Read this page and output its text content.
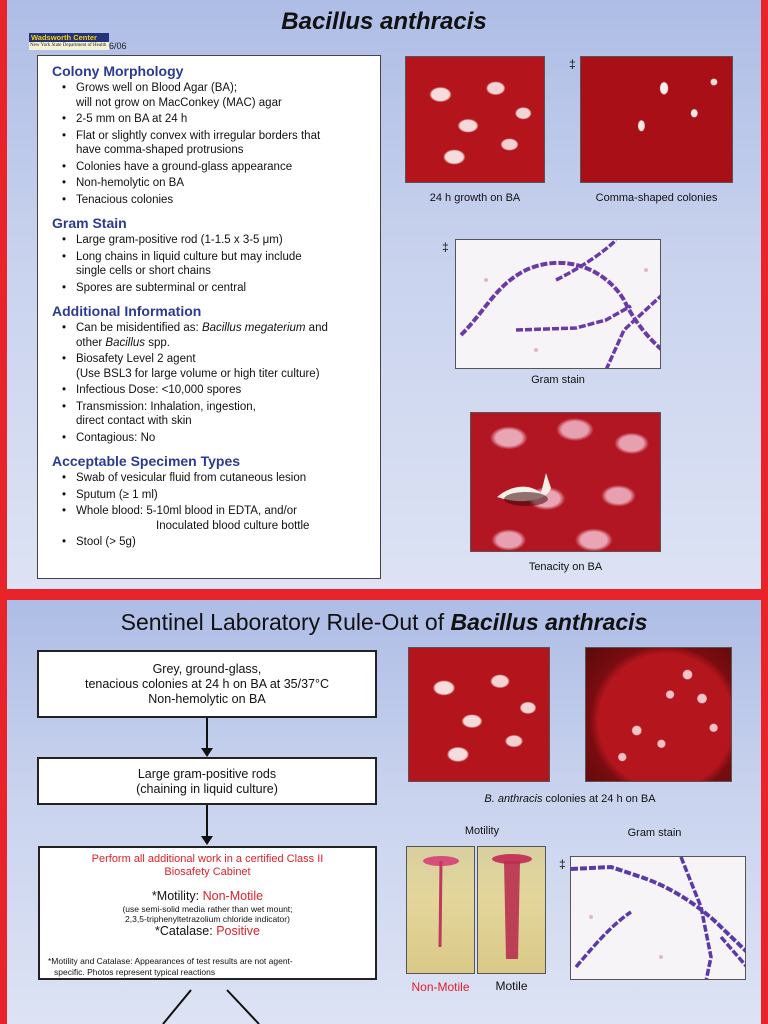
Bacillus anthracis
Wadsworth Center
New York State Department of Health 6/06
Colony Morphology
• Grows well on Blood Agar (BA);
will not grow on MacConkey (MAC) agar
• 2-5 mm on BA at 24 h
• Flat or slightly convex with irregular borders that
have comma-shaped protrusions
• Colonies have a ground-glass appearance
• Non-hemolytic on BA
• Tenacious colonies
Gram Stain
• Large gram-positive rod (1-1.5 x 3-5 μm)
• Long chains in liquid culture but may include
single cells or short chains
• Spores are subterminal or central
Additional Information
• Can be misidentified as: Bacillus megaterium and
other Bacillus spp.
• Biosafety Level 2 agent
(Use BSL3 for large volume or high titer culture)
• Infectious Dose: <10,000 spores
• Transmission: Inhalation, ingestion,
direct contact with skin
• Contagious: No
Acceptable Specimen Types
• Swab of vesicular fluid from cutaneous lesion
• Sputum (≥ 1 ml)
• Whole blood: 5-10ml blood in EDTA, and/or
Inoculated blood culture bottle
• Stool (> 5g)
24 h growth on BA
‡
Comma-shaped colonies
‡
Gram stain
Tenacity on BA
Sentinel Laboratory Rule-Out of Bacillus anthracis
Grey, ground-glass,
tenacious colonies at 24 h on BA at 35/37°C
Non-hemolytic on BA
Large gram-positive rods
(chaining in liquid culture)
Perform all additional work in a certified Class II
Biosafety Cabinet
*Motility: Non-Motile
(use semi-solid media rather than wet mount;
2,3,5-triphenyltetrazolium chloride indicator)
*Catalase: Positive
*Motility and Catalase: Appearances of test results are not agent-
specific. Photos represent typical reactions
B. anthracis colonies at 24 h on BA
Motility	Gram stain
Non-Motile	Motile
‡
